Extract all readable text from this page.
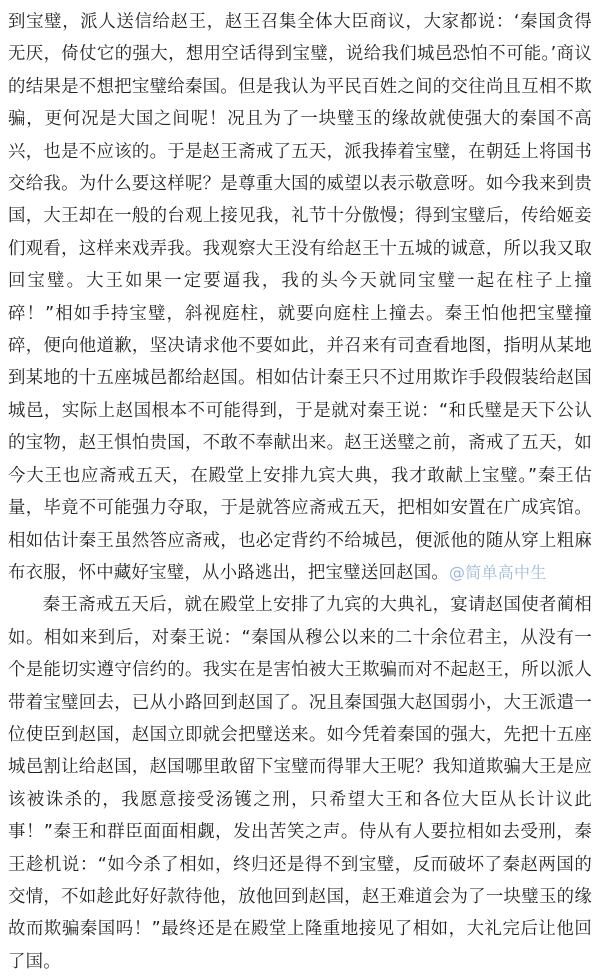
到宝璧，派人送信给赵王，赵王召集全体大臣商议，大家都说：‘秦国贪得无厌，倚仗它的强大，想用空话得到宝璧，说给我们城邑恐怕不可能。’商议的结果是不想把宝璧给秦国。但是我认为平民百姓之间的交往尚且互相不欺骗，更何况是大国之间呢！况且为了一块璧玉的缘故就使强大的秦国不高兴，也是不应该的。于是赵王斋戒了五天，派我捧着宝璧，在朝廷上将国书交给我。为什么要这样呢？是尊重大国的威望以表示敬意呀。如今我来到贵国，大王却在一般的台观上接见我，礼节十分傲慢；得到宝璧后，传给姬妾们观看，这样来戏弄我。我观察大王没有给赵王十五城的诚意，所以我又取回宝璧。大王如果一定要逼我，我的头今天就同宝璧一起在柱子上撞碎！”相如手持宝璧，斜视庭柱，就要向庭柱上撞去。秦王怕他把宝璧撞碎，便向他道歉，坚决请求他不要如此，并召来有司查看地图，指明从某地到某地的十五座城邑都给赵国。相如估计秦王只不过用欺诈手段假装给赵国城邑，实际上赵国根本不可能得到，于是就对秦王说：“和氏璧是天下公认的宝物，赵王惧怕贵国，不敢不奉献出来。赵王送璧之前，斋戒了五天，如今大王也应斋戒五天，在殿堂上安排九宾大典，我才敢献上宝璧。”秦王估量，毕竟不可能强力夺取，于是就答应斋戒五天，把相如安置在广成宾馆。相如估计秦王虽然答应斋戒，也必定背约不给城邑，便派他的随从穿上粗麻布衣服，怀中藏好宝璧，从小路逃出，把宝璧送回赵国。@简单高中生

秦王斋戒五天后，就在殿堂上安排了九宾的大典礼，宴请赵国使者蔺相如。相如来到后，对秦王说：“秦国从穆公以来的二十余位君主，从没有一个是能切实遵守信约的。我实在是害怕被大王欺骗而对不起赵王，所以派人带着宝璧回去，已从小路回到赵国了。况且秦国强大赵国弱小，大王派遣一位使臣到赵国，赵国立即就会把璧送来。如今凭着秦国的强大，先把十五座城邑割让给赵国，赵国哪里敢留下宝璧而得罪大王呢？我知道欺骗大王是应该被诛杀的，我愿意接受汤镬之刑，只希望大王和各位大臣从长计议此事！”秦王和群臣面面相觑，发出苦笑之声。侍从有人要拉相如去受刑，秦王趁机说：“如今杀了相如，终归还是得不到宝璧，反而破坏了秦赵两国的交情，不如趁此好好款待他，放他回到赵国，赵王难道会为了一块璧玉的缘故而欺骗秦国吗！”最终还是在殿堂上隆重地接见了相如，大礼完后让他回了国。
